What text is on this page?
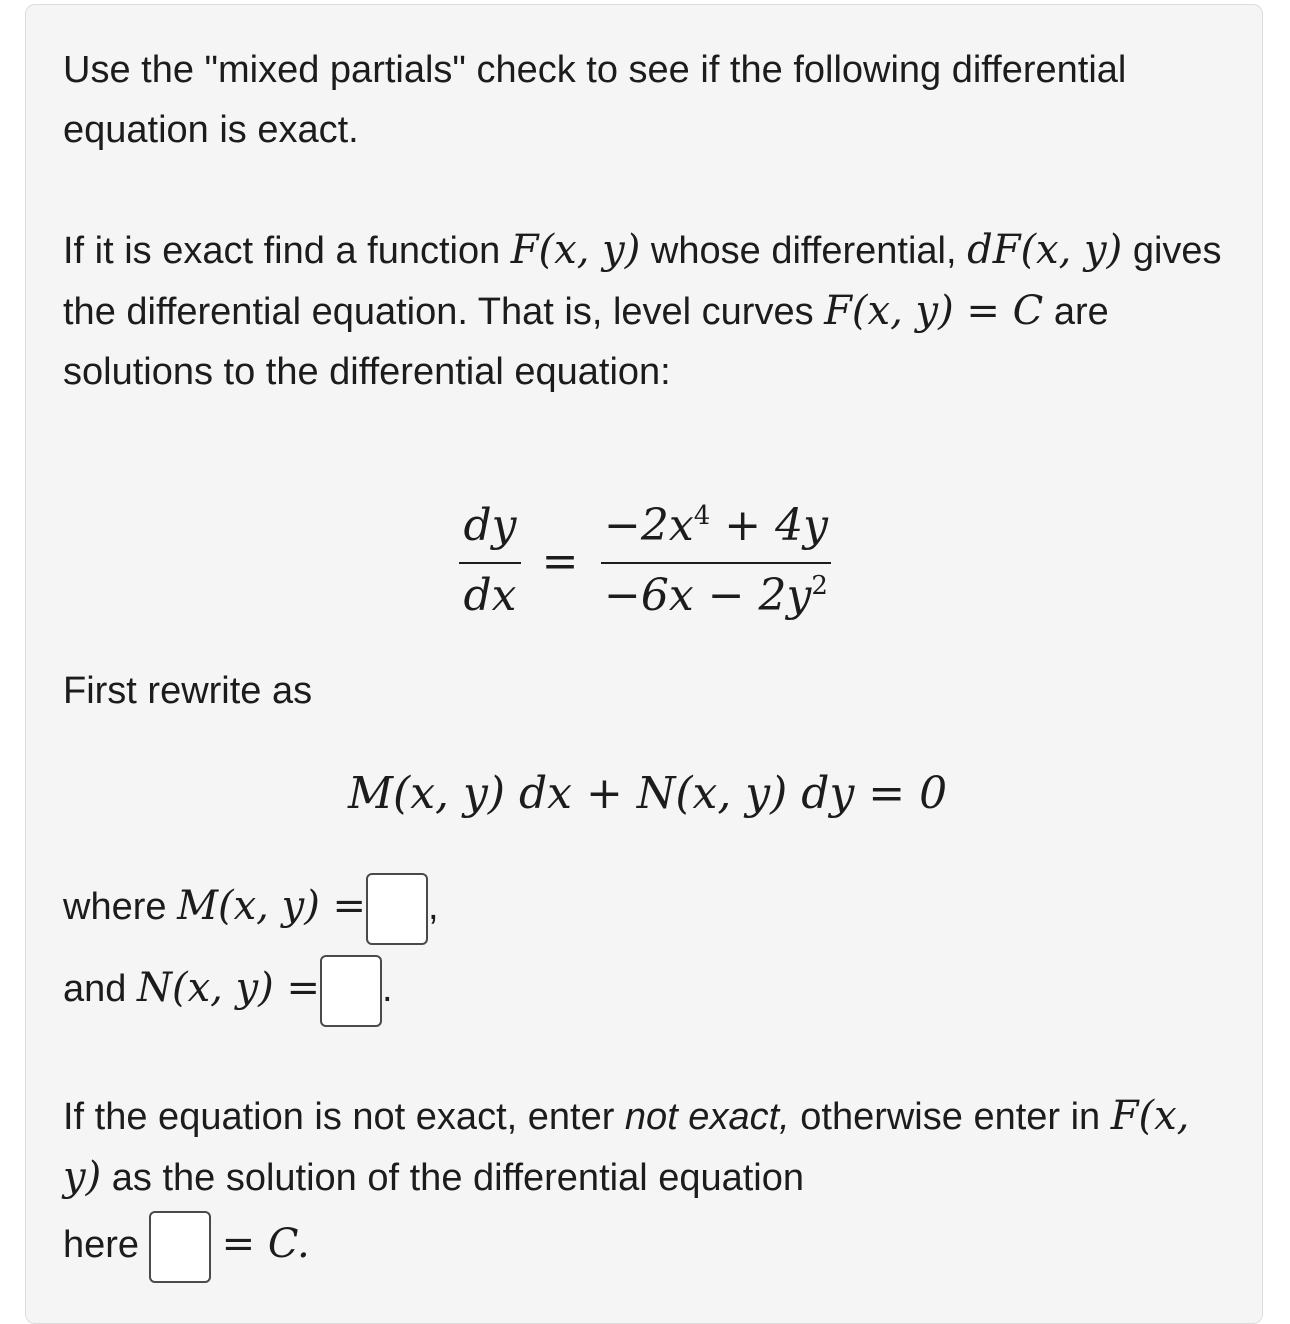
Use the "mixed partials" check to see if the following differential equation is exact.
If it is exact find a function F(x, y) whose differential, dF(x, y) gives the differential equation. That is, level curves F(x, y) = C are solutions to the differential equation:
dy
dx
=
$-2x^4 + 4y$
$-6x - 2y^2$
First rewrite as
M(x, y) dx + N(x, y) dy = 0
where M(x, y) = ,
and N(x, y) = .
If the equation is not exact, enter not exact, otherwise enter in F(x, y) as the solution of the differential equation
here = C.
